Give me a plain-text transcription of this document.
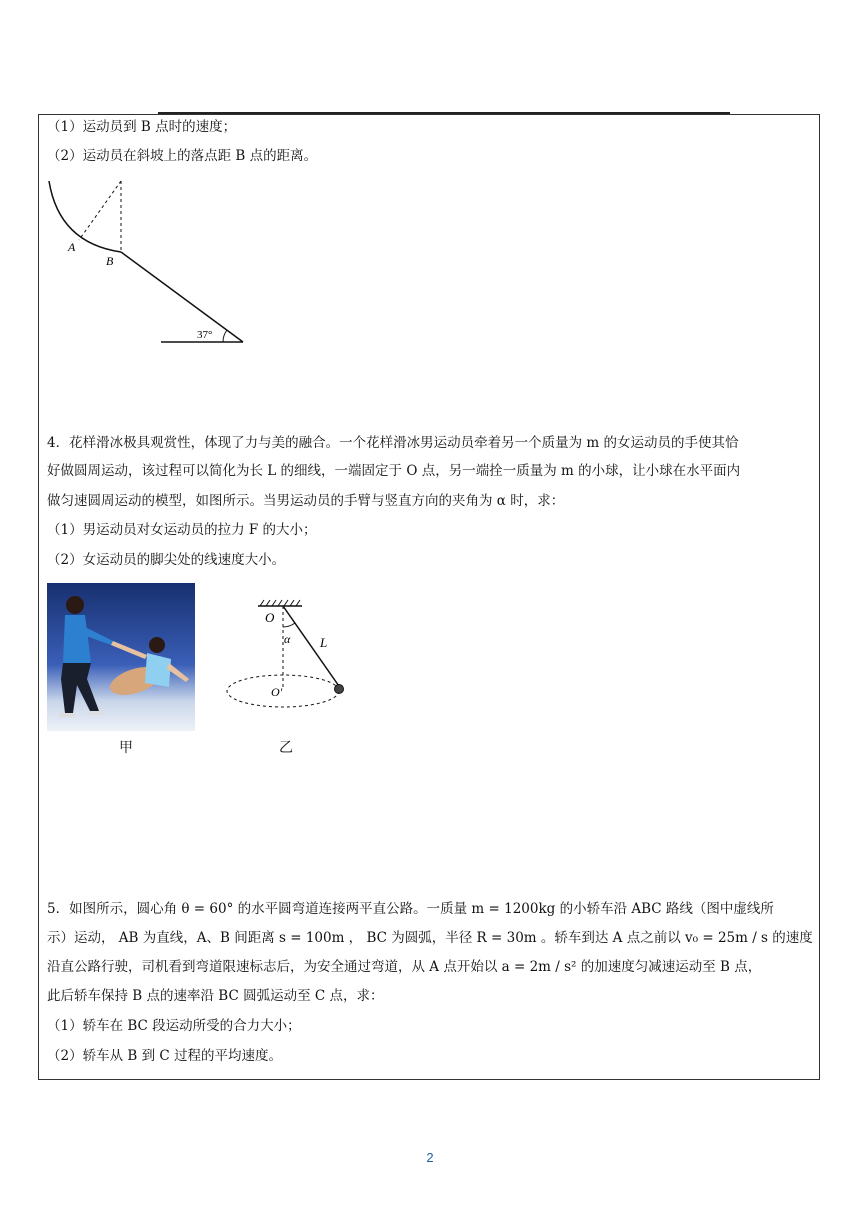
（1）运动员到 B 点时的速度；
（2）运动员在斜坡上的落点距 B 点的距离。
A
B
37°
4．花样滑冰极具观赏性，体现了力与美的融合。一个花样滑冰男运动员牵着另一个质量为 m 的女运动员的手使其恰
好做圆周运动，该过程可以简化为长 L 的细线，一端固定于 O 点，另一端拴一质量为 m 的小球，让小球在水平面内
做匀速圆周运动的模型，如图所示。当男运动员的手臂与竖直方向的夹角为 α 时，求：
（1）男运动员对女运动员的拉力 F 的大小；
（2）女运动员的脚尖处的线速度大小。
甲
O
L
α
O'
乙
5．如图所示，圆心角 θ = 60° 的水平圆弯道连接两平直公路。一质量 m = 1200kg 的小轿车沿 ABC 路线（图中虚线所
示）运动， AB 为直线，A、B 间距离 s = 100m ， BC 为圆弧，半径 R = 30m 。轿车到达 A 点之前以 v₀ = 25m / s 的速度
沿直公路行驶，司机看到弯道限速标志后，为安全通过弯道，从 A 点开始以 a = 2m / s² 的加速度匀减速运动至 B 点，
此后轿车保持 B 点的速率沿 BC 圆弧运动至 C 点，求：
（1）轿车在 BC 段运动所受的合力大小；
（2）轿车从 B 到 C 过程的平均速度。
2
